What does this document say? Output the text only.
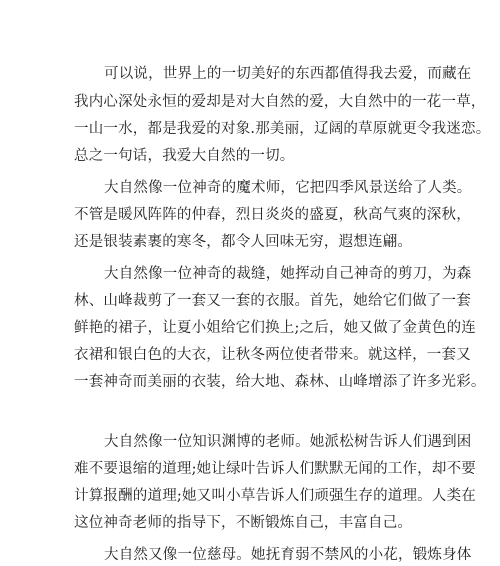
可以说，世界上的一切美好的东西都值得我去爱，而藏在
我内心深处永恒的爱却是对大自然的爱，大自然中的一花一草，
一山一水，都是我爱的对象.那美丽，辽阔的草原就更令我迷恋。
总之一句话，我爱大自然的一切。
大自然像一位神奇的魔术师，它把四季风景送给了人类。
不管是暖风阵阵的仲春，烈日炎炎的盛夏，秋高气爽的深秋，
还是银装素裹的寒冬，都令人回味无穷，遐想连翩。
大自然像一位神奇的裁缝，她挥动自己神奇的剪刀，为森
林、山峰裁剪了一套又一套的衣服。首先，她给它们做了一套
鲜艳的裙子，让夏小姐给它们换上;之后，她又做了金黄色的连
衣裙和银白色的大衣，让秋冬两位使者带来。就这样，一套又
一套神奇而美丽的衣装，给大地、森林、山峰增添了许多光彩。
大自然像一位知识渊博的老师。她派松树告诉人们遇到困
难不要退缩的道理;她让绿叶告诉人们默默无闻的工作，却不要
计算报酬的道理;她又叫小草告诉人们顽强生存的道理。人类在
这位神奇老师的指导下，不断锻炼自己，丰富自己。
大自然又像一位慈母。她抚育弱不禁风的小花，锻炼身体
